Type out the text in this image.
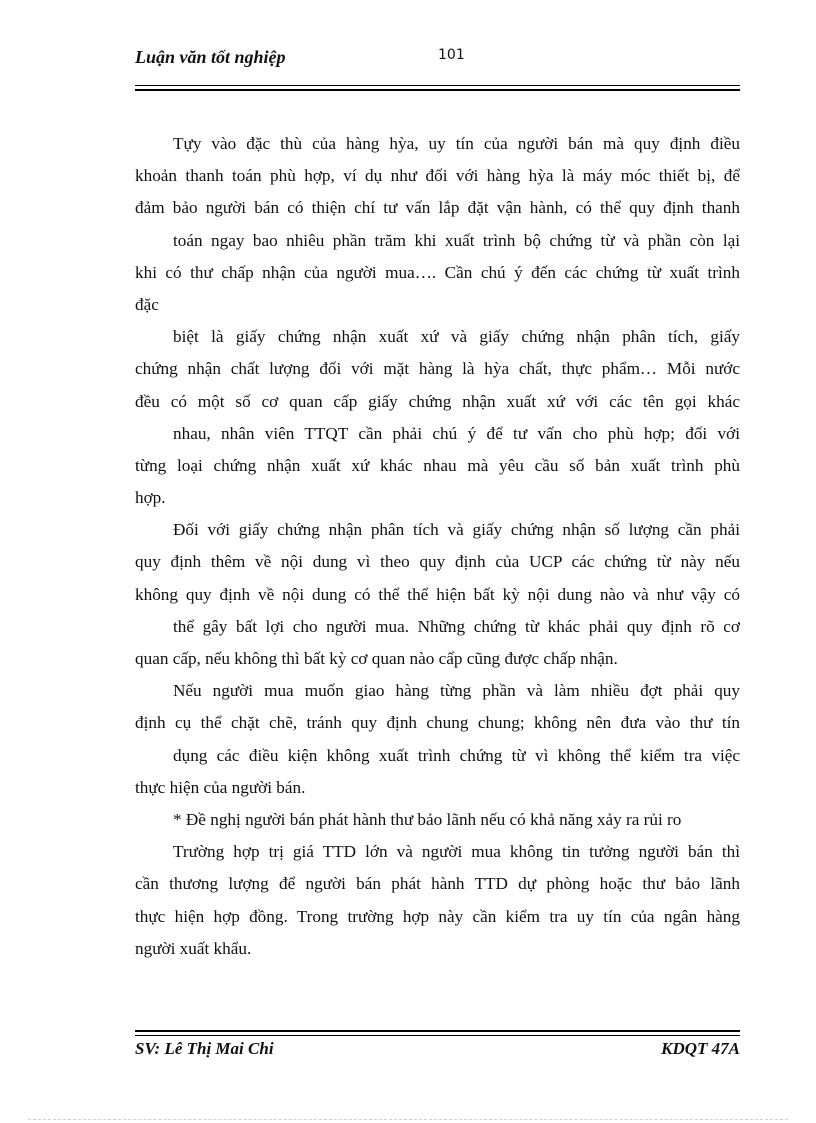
Luận văn tốt nghiệp	101
Tựy vào đặc thù của hàng hỳa, uy tín của người bán mà quy định điều
khoản thanh toán phù hợp, ví dụ như đối với hàng hỳa là máy móc thiết bị, để
đảm bảo người bán có thiện chí tư vấn lắp đặt vận hành, có thể quy định thanh
toán ngay bao nhiêu phần trăm khi xuất trình bộ chứng từ và phần còn lại
khi có thư chấp nhận của người mua…. Cần chú ý đến các chứng từ xuất trình
đặc
biệt là giấy chứng nhận xuất xứ và giấy chứng nhận phân tích, giấy
chứng nhận chất lượng đối với mặt hàng là hỳa chất, thực phẩm… Mỗi nước
đều có một số cơ quan cấp giấy chứng nhận xuất xứ với các tên gọi khác
nhau, nhân viên TTQT cần phải chú ý để tư vấn cho phù hợp; đối với
từng loại chứng nhận xuất xứ khác nhau mà yêu cầu số bản xuất trình phù
hợp.
Đối với giấy chứng nhận phân tích và giấy chứng nhận số lượng cần phải
quy định thêm về nội dung vì theo quy định của UCP các chứng từ này nếu
không quy định về nội dung có thể thể hiện bất kỳ nội dung nào và như vậy có
thể gây bất lợi cho người mua. Những chứng từ khác phải quy định rõ cơ
quan cấp, nếu không thì bất kỳ cơ quan nào cấp cũng được chấp nhận.
Nếu người mua muốn giao hàng từng phần và làm nhiều đợt phải quy
định cụ thể chặt chẽ, tránh quy định chung chung; không nên đưa vào thư tín
dụng các điều kiện không xuất trình chứng từ vì không thể kiểm tra việc
thực hiện của người bán.
* Đề nghị người bán phát hành thư bảo lãnh nếu có khả năng xảy ra rủi ro
Trường hợp trị giá TTD lớn và người mua không tin tưởng người bán thì
cần thương lượng để người bán phát hành TTD dự phòng hoặc thư bảo lãnh
thực hiện hợp đồng. Trong trường hợp này cần kiểm tra uy tín của ngân hàng
người xuất khẩu.
SV: Lê Thị Mai Chi	KDQT 47A
